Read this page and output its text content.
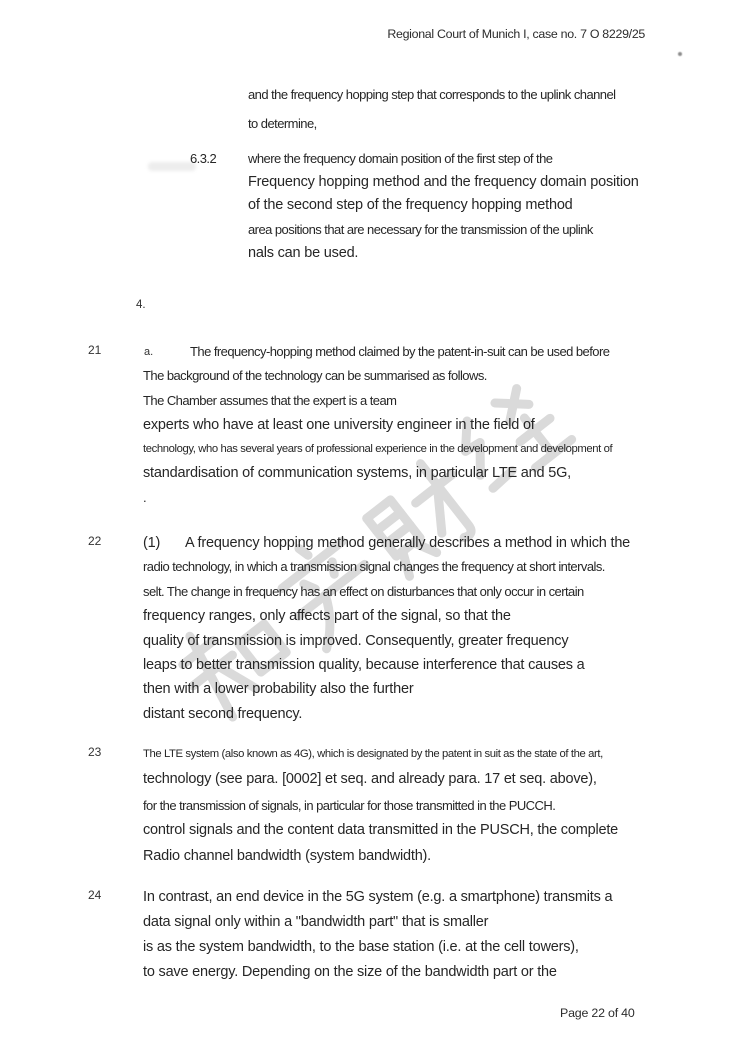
Regional Court of Munich I, case no. 7 O 8229/25
and the frequency hopping step that corresponds to the uplink channel
to determine,
6.3.2 where the frequency domain position of the first step of the
Frequency hopping method and the frequency domain position
of the second step of the frequency hopping method
area positions that are necessary for the transmission of the uplink
nals can be used.
4.
21	a.	The frequency-hopping method claimed by the patent-in-suit can be used before
The background of the technology can be summarised as follows.
The Chamber assumes that the expert is a team
experts who have at least one university engineer in the field of
technology, who has several years of professional experience in the development and development of
standardisation of communication systems, in particular LTE and 5G,
.
22	(1) A frequency hopping method generally describes a method in which the
radio technology, in which a transmission signal changes the frequency at short intervals.
selt. The change in frequency has an effect on disturbances that only occur in certain
frequency ranges, only affects part of the signal, so that the
quality of transmission is improved. Consequently, greater frequency
leaps to better transmission quality, because interference that causes a
then with a lower probability also the further
distant second frequency.
23	The LTE system (also known as 4G), which is designated by the patent in suit as the state of the art,
technology (see para. [0002] et seq. and already para. 17 et seq. above),
for the transmission of signals, in particular for those transmitted in the PUCCH.
control signals and the content data transmitted in the PUSCH, the complete
Radio channel bandwidth (system bandwidth).
24	In contrast, an end device in the 5G system (e.g. a smartphone) transmits a
data signal only within a "bandwidth part" that is smaller
is as the system bandwidth, to the base station (i.e. at the cell towers),
to save energy. Depending on the size of the bandwidth part or the
Page 22 of 40
